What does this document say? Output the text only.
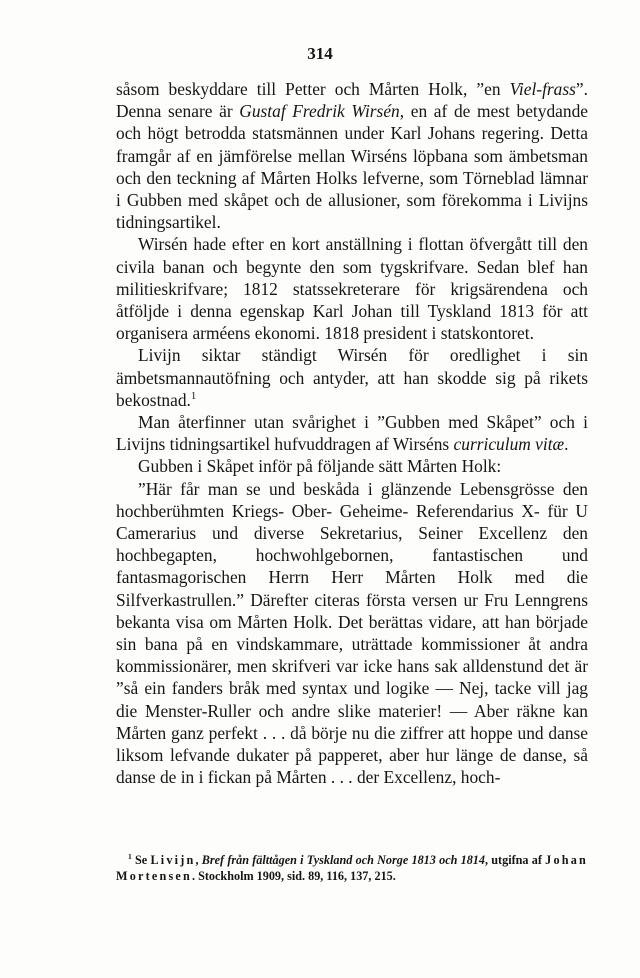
314

såsom beskyddare till Petter och Mårten Holk, ”en Viel-frass”. Denna senare är Gustaf Fredrik Wirsén, en af de mest betydande och högt betrodda statsmännen under Karl Johans regering. Detta framgår af en jämförelse mellan Wirséns löpbana som ämbetsman och den teckning af Mårten Holks lefverne, som Törneblad lämnar i Gubben med skåpet och de allusioner, som förekomma i Livijns tidningsartikel.

Wirsén hade efter en kort anställning i flottan öfvergått till den civila banan och begynte den som tygskrifvare. Sedan blef han militieskrifvare; 1812 statssekreterare för krigsärendena och åtföljde i denna egenskap Karl Johan till Tyskland 1813 för att organisera arméens ekonomi. 1818 president i statskontoret.

Livijn siktar ständigt Wirsén för oredlighet i sin ämbetsmannautöfning och antyder, att han skodde sig på rikets bekostnad.$^1$

Man återfinner utan svårighet i ”Gubben med Skåpet” och i Livijns tidningsartikel hufvuddragen af Wirséns curriculum vitæ.

Gubben i Skåpet inför på följande sätt Mårten Holk:

”Här får man se und beskåda i glänzende Lebensgrösse den hochberühmten Kriegs- Ober- Geheime- Referendarius X- für U Camerarius und diverse Sekretarius, Seiner Excellenz den hochbegapten, hochwohlgebornen, fantastischen und fantasmagorischen Herrn Herr Mårten Holk med die Silfverkastrullen.” Därefter citeras första versen ur Fru Lenngrens bekanta visa om Mårten Holk. Det berättas vidare, att han började sin bana på en vindskammare, uträttade kommissioner åt andra kommissionärer, men skrifveri var icke hans sak alldenstund det är ”så ein fanders bråk med syntax und logike — Nej, tacke vill jag die Menster-Ruller och andre slike materier! — Aber räkne kan Mårten ganz perfekt . . . då börje nu die ziffrer att hoppe und danse liksom lefvande dukater på papperet, aber hur länge de danse, så danse de in i fickan på Mårten . . . der Excellenz, hoch-

$^1$ Se Livijn, Bref från fälttågen i Tyskland och Norge 1813 och 1814, utgifna af Johan Mortensen. Stockholm 1909, sid. 89, 116, 137, 215.
